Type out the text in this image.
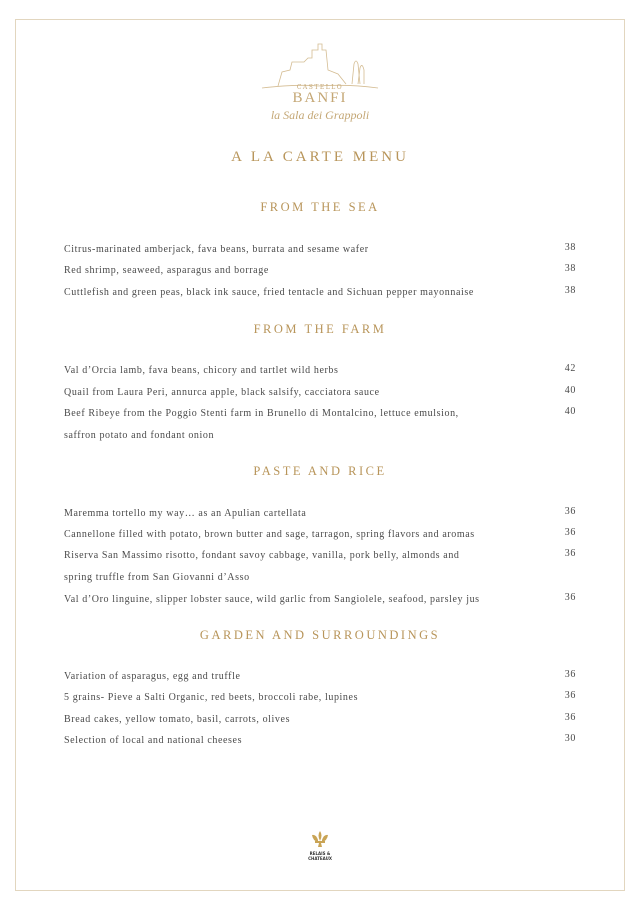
CASTELLO
BANFI
la Sala dei Grappoli
A LA CARTE MENU
FROM THE SEA
Citrus-marinated amberjack, fava beans, burrata and sesame wafer	38
Red shrimp, seaweed, asparagus and borrage	38
Cuttlefish and green peas, black ink sauce, fried tentacle and Sichuan pepper mayonnaise	38
FROM THE FARM
Val d’Orcia lamb, fava beans, chicory and tartlet wild herbs	42
Quail from Laura Peri, annurca apple, black salsify, cacciatora sauce	40
Beef Ribeye from the Poggio Stenti farm in Brunello di Montalcino, lettuce emulsion,	40
saffron potato and fondant onion
PASTE AND RICE
Maremma tortello my way… as an Apulian cartellata	36
Cannellone filled with potato, brown butter and sage, tarragon, spring flavors and aromas	36
Riserva San Massimo risotto, fondant savoy cabbage, vanilla, pork belly, almonds and	36
spring truffle from San Giovanni d’Asso
Val d’Oro linguine, slipper lobster sauce, wild garlic from Sangiolele, seafood, parsley jus	36
GARDEN AND SURROUNDINGS
Variation of asparagus, egg and truffle	36
5 grains- Pieve a Salti Organic, red beets, broccoli rabe, lupines	36
Bread cakes, yellow tomato, basil, carrots, olives	36
Selection of local and national cheeses	30
RELAIS &
CHATEAUX
